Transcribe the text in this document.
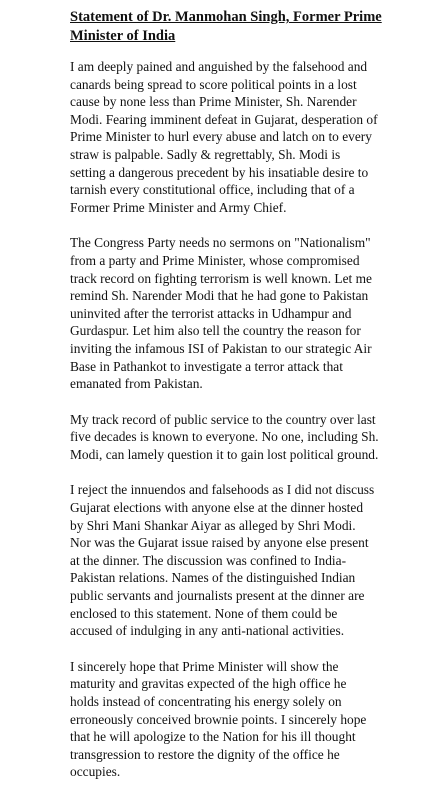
Statement of Dr. Manmohan Singh, Former Prime
Minister of India
I am deeply pained and anguished by the falsehood and
canards being spread to score political points in a lost
cause by none less than Prime Minister, Sh. Narender
Modi. Fearing imminent defeat in Gujarat, desperation of
Prime Minister to hurl every abuse and latch on to every
straw is palpable. Sadly & regrettably, Sh. Modi is
setting a dangerous precedent by his insatiable desire to
tarnish every constitutional office, including that of a
Former Prime Minister and Army Chief.
The Congress Party needs no sermons on "Nationalism"
from a party and Prime Minister, whose compromised
track record on fighting terrorism is well known. Let me
remind Sh. Narender Modi that he had gone to Pakistan
uninvited after the terrorist attacks in Udhampur and
Gurdaspur. Let him also tell the country the reason for
inviting the infamous ISI of Pakistan to our strategic Air
Base in Pathankot to investigate a terror attack that
emanated from Pakistan.
My track record of public service to the country over last
five decades is known to everyone. No one, including Sh.
Modi, can lamely question it to gain lost political ground.
I reject the innuendos and falsehoods as I did not discuss
Gujarat elections with anyone else at the dinner hosted
by Shri Mani Shankar Aiyar as alleged by Shri Modi.
Nor was the Gujarat issue raised by anyone else present
at the dinner. The discussion was confined to India-
Pakistan relations. Names of the distinguished Indian
public servants and journalists present at the dinner are
enclosed to this statement. None of them could be
accused of indulging in any anti-national activities.
I sincerely hope that Prime Minister will show the
maturity and gravitas expected of the high office he
holds instead of concentrating his energy solely on
erroneously conceived brownie points. I sincerely hope
that he will apologize to the Nation for his ill thought
transgression to restore the dignity of the office he
occupies.
